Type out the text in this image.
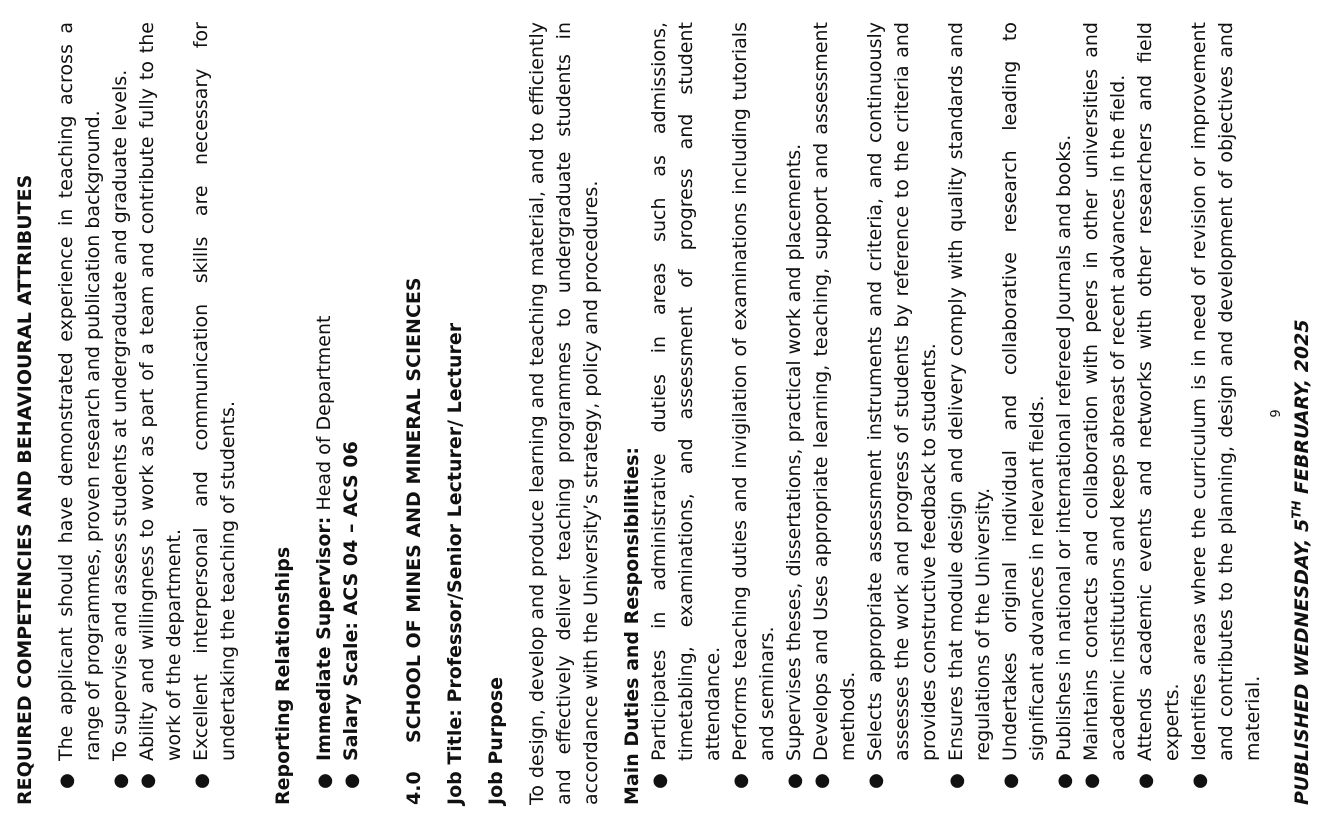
REQUIRED COMPETENCIES AND BEHAVIOURAL ATTRIBUTES ●
The applicant should have demonstrated experience in teaching across a range of programmes, proven research and publication background.
●
To supervise and assess students at undergraduate and graduate levels.
●
Ability and willingness to work as part of a team and contribute fully to the work of the department.
●
Excellent interpersonal and communication skills are necessary for undertaking the teaching of students. Reporting Relationships ●
Immediate Supervisor: Head of Department
●
Salary Scale: ACS 04 – ACS 06
4.0
SCHOOL OF MINES AND MINERAL SCIENCES Job Title: Professor/Senior Lecturer/ Lecturer Job Purpose To design, develop and produce learning and teaching material, and to efficiently and effectively deliver teaching programmes to undergraduate students in accordance with the University’s strategy, policy and procedures. Main Duties and Responsibilities: ●
Participates in administrative duties in areas such as admissions, timetabling, examinations, and assessment of progress and student attendance.
●
Performs teaching duties and invigilation of examinations including tutorials and seminars.
●
Supervises theses, dissertations, practical work and placements.
●
Develops and Uses appropriate learning, teaching, support and assessment methods.
●
Selects appropriate assessment instruments and criteria, and continuously assesses the work and progress of students by reference to the criteria and provides constructive feedback to students.
●
Ensures that module design and delivery comply with quality standards and regulations of the University.
●
Undertakes original individual and collaborative research leading to significant advances in relevant fields.
●
Publishes in national or international refereed Journals and books.
●
Maintains contacts and collaboration with peers in other universities and academic institutions and keeps abreast of recent advances in the field.
●
Attends academic events and networks with other researchers and field experts.
●
Identifies areas where the curriculum is in need of revision or improvement and contributes to the planning, design and development of objectives and material.
9
PUBLISHED WEDNESDAY, 5TH FEBRUARY, 2025
